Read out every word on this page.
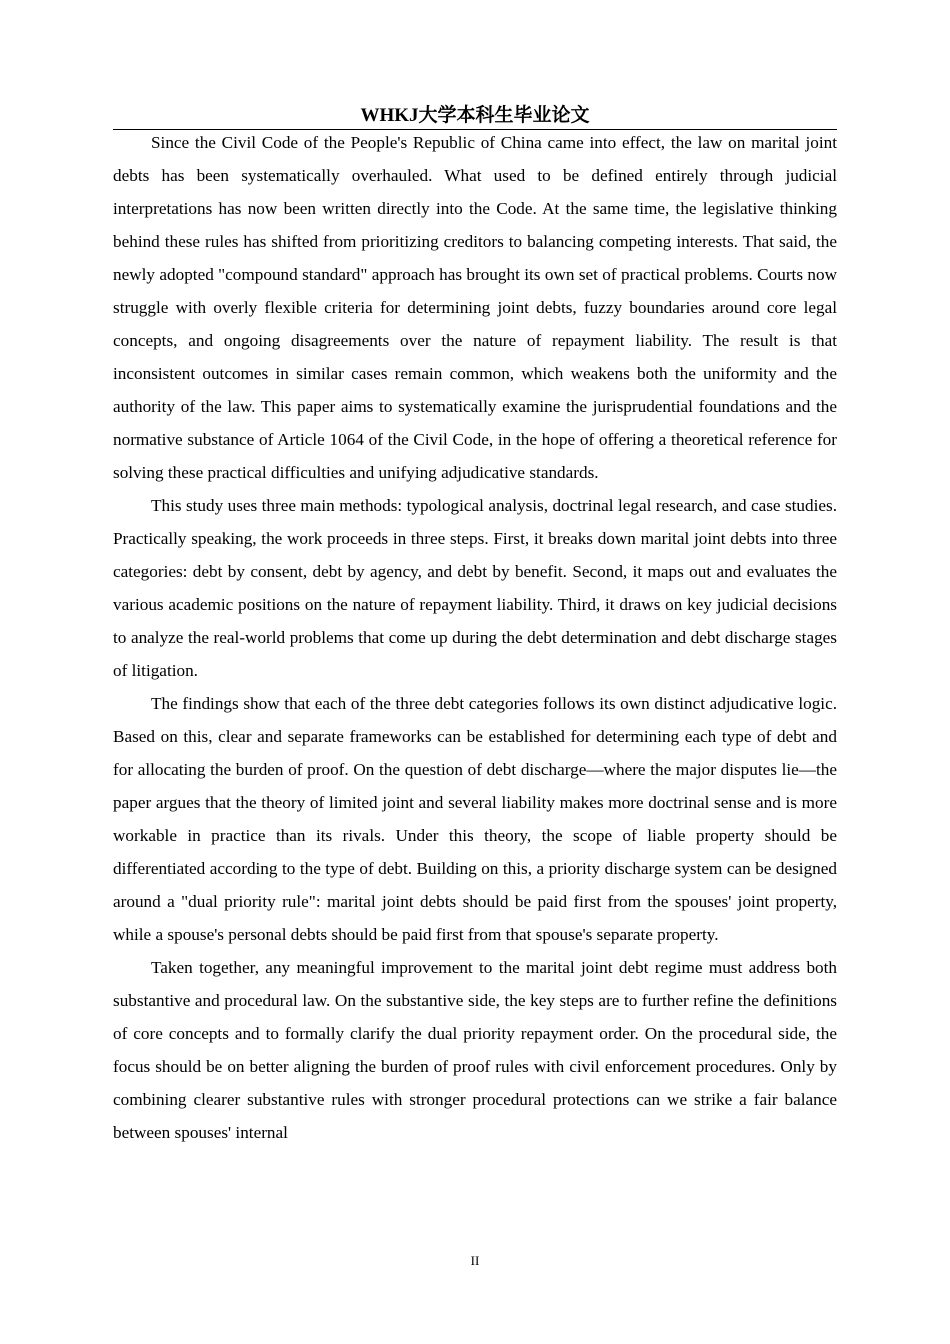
WHKJ大学本科生毕业论文

Since the Civil Code of the People's Republic of China came into effect, the law on marital joint debts has been systematically overhauled. What used to be defined entirely through judicial interpretations has now been written directly into the Code. At the same time, the legislative thinking behind these rules has shifted from prioritizing creditors to balancing competing interests. That said, the newly adopted "compound standard" approach has brought its own set of practical problems. Courts now struggle with overly flexible criteria for determining joint debts, fuzzy boundaries around core legal concepts, and ongoing disagreements over the nature of repayment liability. The result is that inconsistent outcomes in similar cases remain common, which weakens both the uniformity and the authority of the law. This paper aims to systematically examine the jurisprudential foundations and the normative substance of Article 1064 of the Civil Code, in the hope of offering a theoretical reference for solving these practical difficulties and unifying adjudicative standards.

This study uses three main methods: typological analysis, doctrinal legal research, and case studies. Practically speaking, the work proceeds in three steps. First, it breaks down marital joint debts into three categories: debt by consent, debt by agency, and debt by benefit. Second, it maps out and evaluates the various academic positions on the nature of repayment liability. Third, it draws on key judicial decisions to analyze the real-world problems that come up during the debt determination and debt discharge stages of litigation.

The findings show that each of the three debt categories follows its own distinct adjudicative logic. Based on this, clear and separate frameworks can be established for determining each type of debt and for allocating the burden of proof. On the question of debt discharge—where the major disputes lie—the paper argues that the theory of limited joint and several liability makes more doctrinal sense and is more workable in practice than its rivals. Under this theory, the scope of liable property should be differentiated according to the type of debt. Building on this, a priority discharge system can be designed around a "dual priority rule": marital joint debts should be paid first from the spouses' joint property, while a spouse's personal debts should be paid first from that spouse's separate property.

Taken together, any meaningful improvement to the marital joint debt regime must address both substantive and procedural law. On the substantive side, the key steps are to further refine the definitions of core concepts and to formally clarify the dual priority repayment order. On the procedural side, the focus should be on better aligning the burden of proof rules with civil enforcement procedures. Only by combining clearer substantive rules with stronger procedural protections can we strike a fair balance between spouses' internal

II
